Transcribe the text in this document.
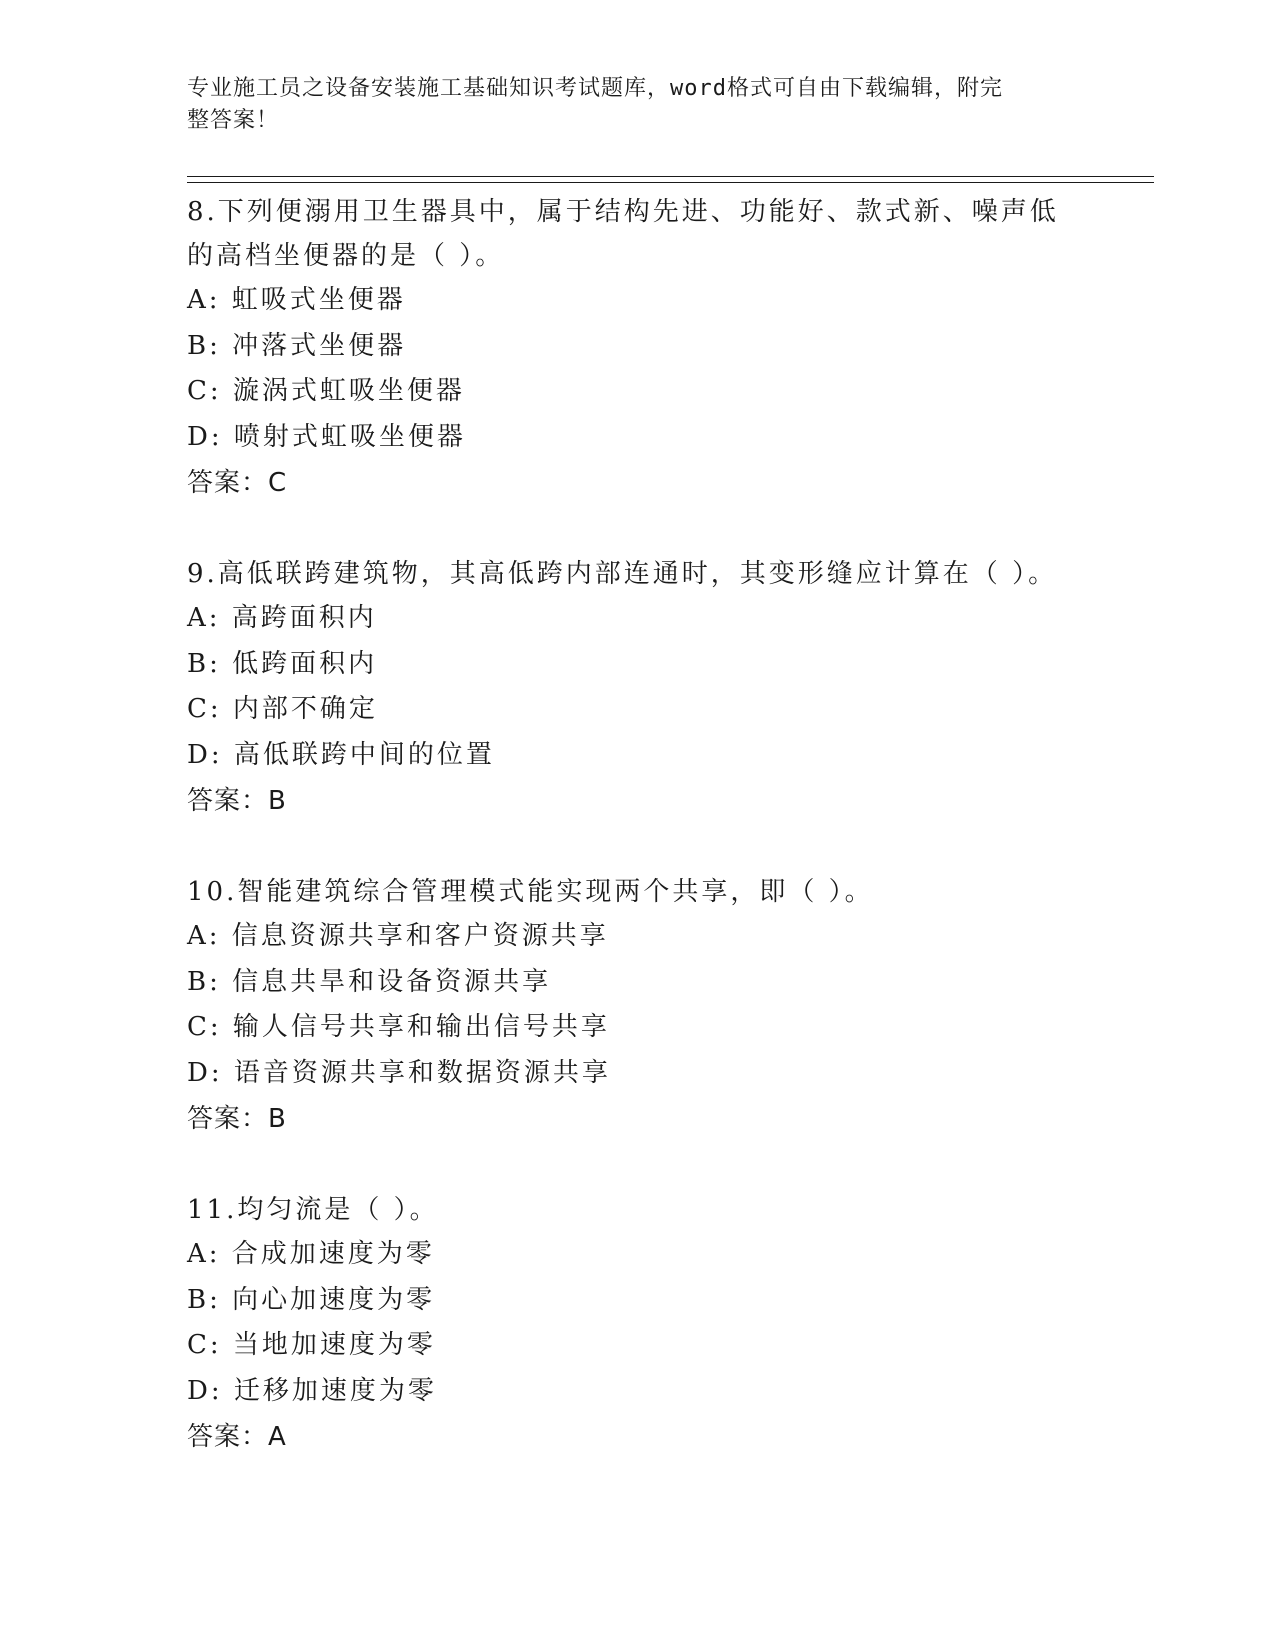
专业施工员之设备安装施工基础知识考试题库，word格式可自由下载编辑，附完
整答案！

8.下列便溺用卫生器具中，属于结构先进、功能好、款式新、噪声低

的高档坐便器的是（ ）。

A: 虹吸式坐便器

B: 冲落式坐便器

C: 漩涡式虹吸坐便器

D: 喷射式虹吸坐便器

答案：C

9.高低联跨建筑物，其高低跨内部连通时，其变形缝应计算在（ ）。

A: 高跨面积内

B: 低跨面积内

C: 内部不确定

D: 高低联跨中间的位置

答案：B

10.智能建筑综合管理模式能实现两个共享，即（ ）。

A: 信息资源共享和客户资源共享

B: 信息共旱和设备资源共享

C: 输人信号共享和输出信号共享

D: 语音资源共享和数据资源共享

答案：B

11.均匀流是（ ）。

A: 合成加速度为零

B: 向心加速度为零

C: 当地加速度为零

D: 迁移加速度为零

答案：A
